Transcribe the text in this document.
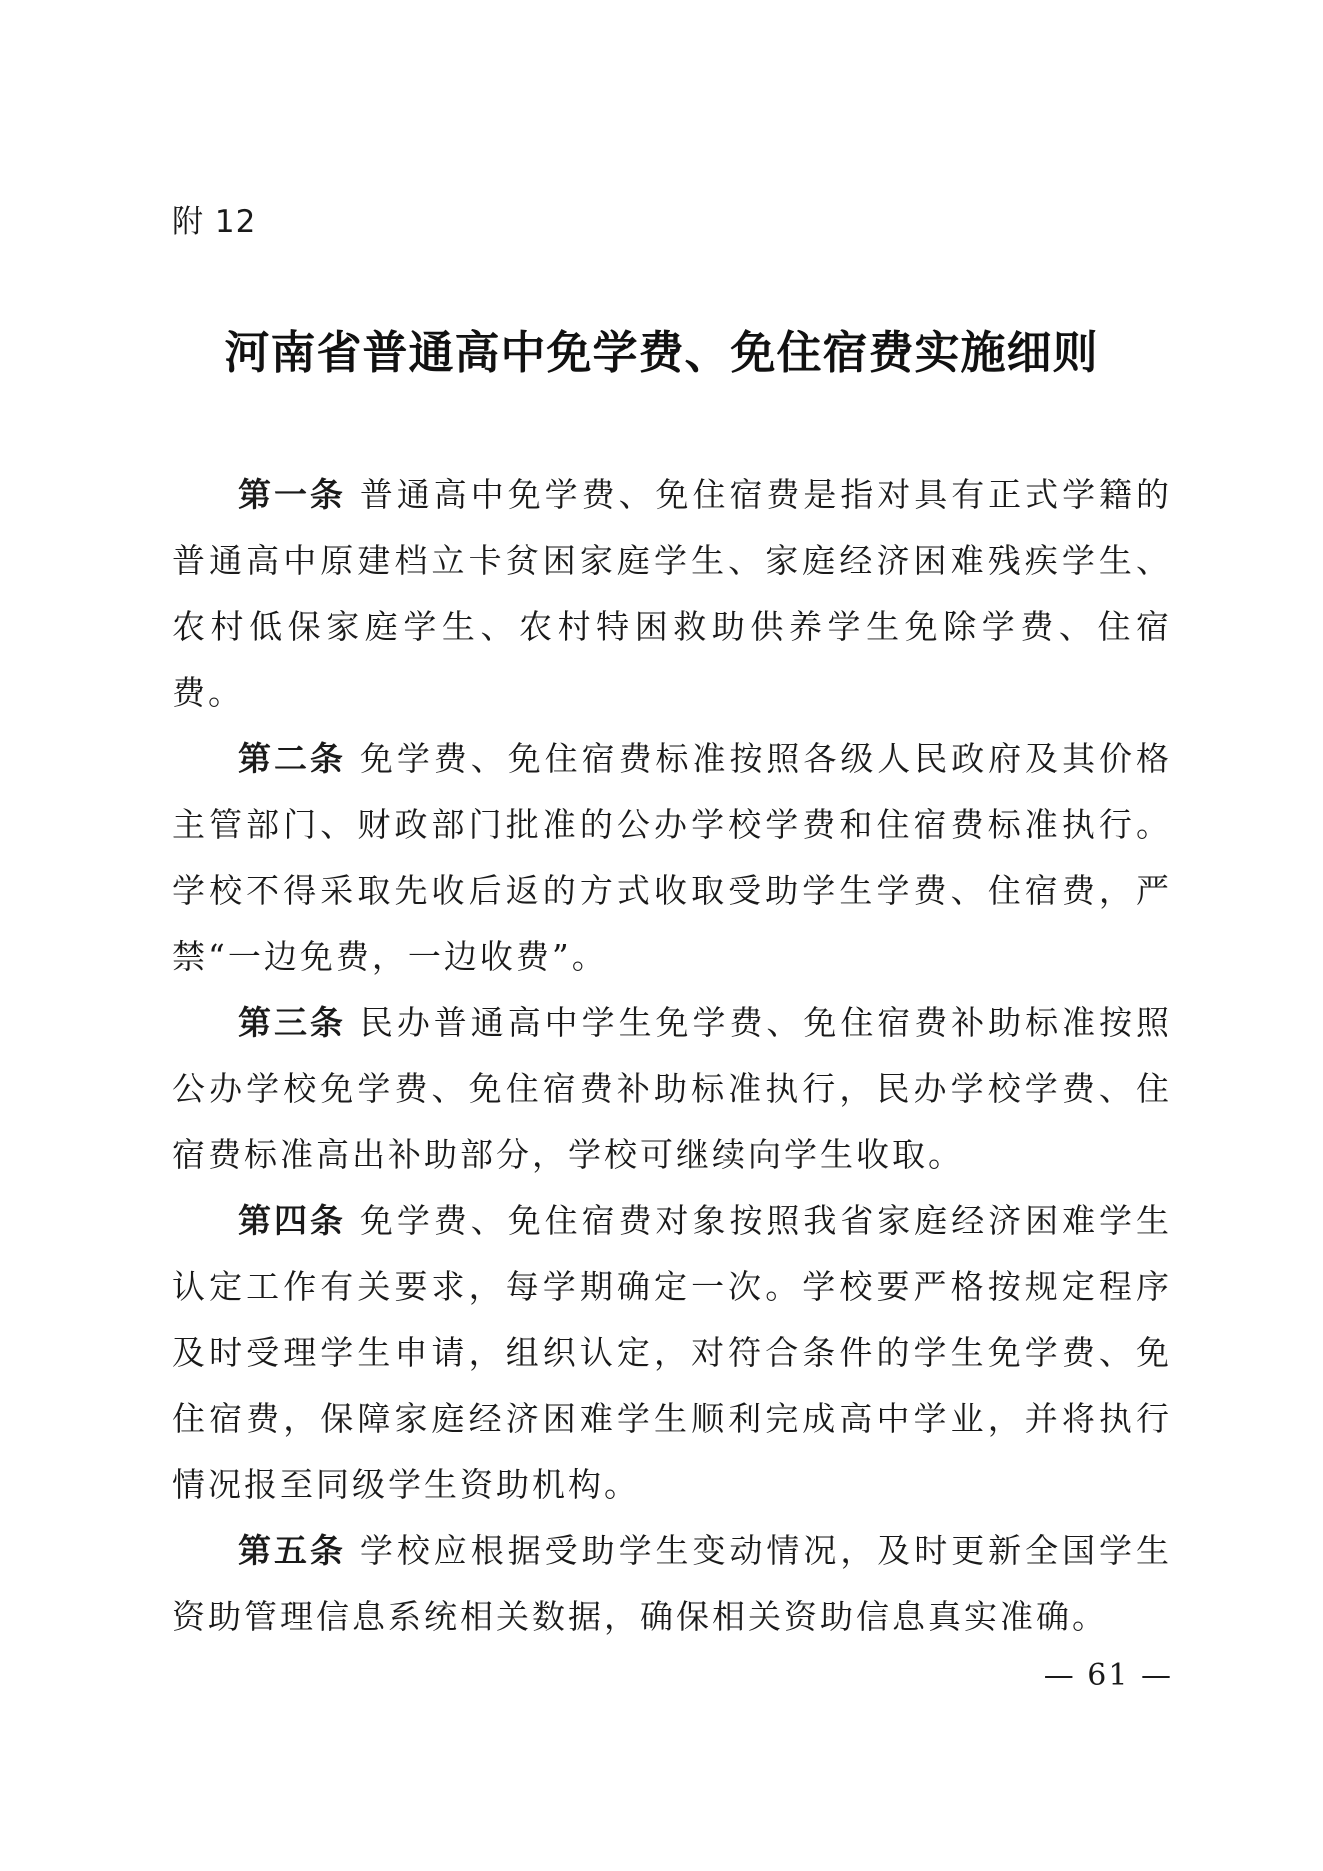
附 12
河南省普通高中免学费、免住宿费实施细则

第一条 普通高中免学费、免住宿费是指对具有正式学籍的普通高中原建档立卡贫困家庭学生、家庭经济困难残疾学生、农村低保家庭学生、农村特困救助供养学生免除学费、住宿费。

第二条 免学费、免住宿费标准按照各级人民政府及其价格主管部门、财政部门批准的公办学校学费和住宿费标准执行。学校不得采取先收后返的方式收取受助学生学费、住宿费，严禁“一边免费，一边收费”。

第三条 民办普通高中学生免学费、免住宿费补助标准按照公办学校免学费、免住宿费补助标准执行，民办学校学费、住宿费标准高出补助部分，学校可继续向学生收取。

第四条 免学费、免住宿费对象按照我省家庭经济困难学生认定工作有关要求，每学期确定一次。学校要严格按规定程序及时受理学生申请，组织认定，对符合条件的学生免学费、免住宿费，保障家庭经济困难学生顺利完成高中学业，并将执行情况报至同级学生资助机构。

第五条 学校应根据受助学生变动情况，及时更新全国学生资助管理信息系统相关数据，确保相关资助信息真实准确。

— 61 —
